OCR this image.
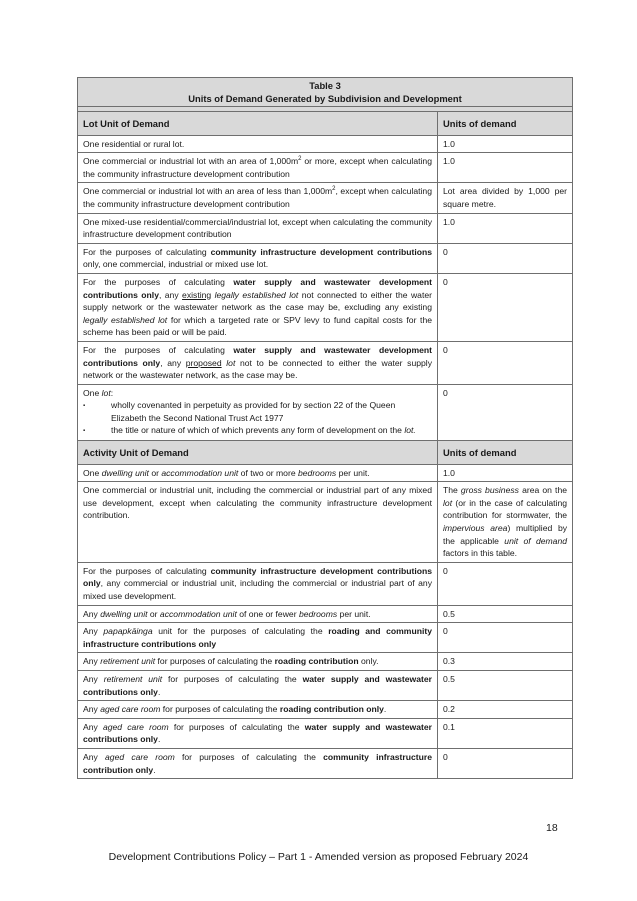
Table 3
Units of Demand Generated by Subdivision and Development	

Lot Unit of Demand	Units of demand
One residential or rural lot.	1.0
One commercial or industrial lot with an area of $1,000m^2$ or more, except when calculating the community infrastructure development contribution	1.0
One commercial or industrial lot with an area of less than $1,000m^2$, except when calculating the community infrastructure development contribution	Lot area divided by 1,000 per square metre.
One mixed-use residential/commercial/industrial lot, except when calculating the community infrastructure development contribution	1.0
For the purposes of calculating community infrastructure development contributions only, one commercial, industrial or mixed use lot.	0
For the purposes of calculating water supply and wastewater development contributions only, any existing legally established lot not connected to either the water supply network or the wastewater network as the case may be, excluding any existing legally established lot for which a targeted rate or SPV levy to fund capital costs for the scheme has been paid or will be paid.	0
For the purposes of calculating water supply and wastewater development contributions only, any proposed lot not to be connected to either the water supply network or the wastewater network, as the case may be.	0

One lot:
▪ wholly covenanted in perpetuity as provided for by section 22 of the Queen Elizabeth the Second National Trust Act 1977
▪ the title or nature of which of which prevents any form of development on the lot.	0
Activity Unit of Demand	Units of demand
One dwelling unit or accommodation unit of two or more bedrooms per unit.	1.0
One commercial or industrial unit, including the commercial or industrial part of any mixed use development, except when calculating the community infrastructure development contribution.	The gross business area on the lot (or in the case of calculating contribution for stormwater, the impervious area) multiplied by the applicable unit of demand factors in this table.
For the purposes of calculating community infrastructure development contributions only, any commercial or industrial unit, including the commercial or industrial part of any mixed use development.	0
Any dwelling unit or accommodation unit of one or fewer bedrooms per unit.	0.5
Any papapkāinga unit for the purposes of calculating the roading and community infrastructure contributions only	0
Any retirement unit for purposes of calculating the roading contribution only.	0.3
Any retirement unit for purposes of calculating the water supply and wastewater contributions only.	0.5
Any aged care room for purposes of calculating the roading contribution only.	0.2
Any aged care room for purposes of calculating the water supply and wastewater contributions only.	0.1
Any aged care room for purposes of calculating the community infrastructure contribution only.	0
18
Development Contributions Policy – Part 1 - Amended version as proposed February 2024
